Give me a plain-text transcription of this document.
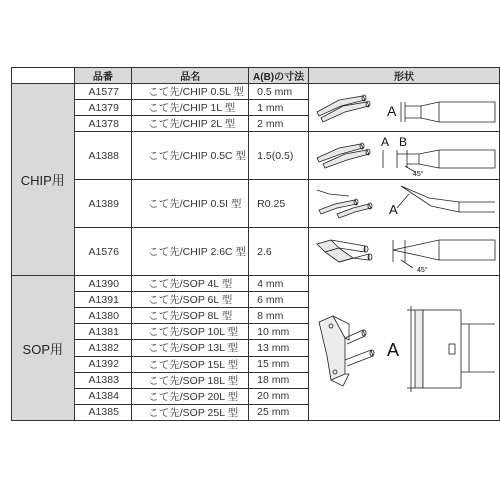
	品番	品名	A(B)の寸法	形状
CHIP用	A1577	こて先/CHIP 0.5L 型	0.5 mm	A

	A1379	こて先/CHIP 1L 型	1 mm	
	A1378	こて先/CHIP 2L 型	2 mm	
	A1388	こて先/CHIP 0.5C 型	1.5(0.5)	A B
45°

	A1389	こて先/CHIP 0.5I 型	R0.25	A

	A1576	こて先/CHIP 2.6C 型	2.6	45°

SOP用	A1390	こて先/SOP 4L 型	4 mm	A

	A1391	こて先/SOP 6L 型	6 mm	
	A1380	こて先/SOP 8L 型	8 mm	
	A1381	こて先/SOP 10L 型	10 mm	
	A1382	こて先/SOP 13L 型	13 mm	
	A1392	こて先/SOP 15L 型	15 mm	
	A1383	こて先/SOP 18L 型	18 mm	
	A1384	こて先/SOP 20L 型	20 mm	
	A1385	こて先/SOP 25L 型	25 mm	
